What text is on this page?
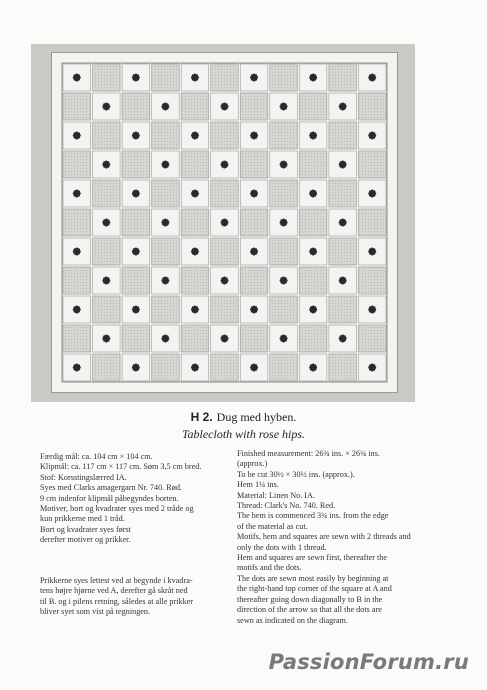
H 2. Dug med hyben.
Tablecloth with rose hips.
Færdig mål: ca. 104 cm × 104 cm.
Klipmål: ca. 117 cm × 117 cm. Søm 3,5 cm bred.
Stof: Korsstingslærred IA.
Syes med Clarks amagergarn Nr. 740. Rød.
9 cm indenfor klipmål påbegyndes borten.
Motiver, bort og kvadrater syes med 2 tråde og
kun prikkerne med 1 tråd.
Bort og kvadrater syes først
derefter motiver og prikker.
Prikkerne syes lettest ved at begynde i kvadra-
tens højre hjørne ved A, derefter gå skråt ned
til B. og i pilens retning, således at alle prikker
bliver syet som vist på tegningen.
Finished measurement: 26¾ ins. × 26¾ ins.
(approx.)
To be cut 30½ × 30½ ins. (approx.).
Hem 1¼ ins.
Material: Linen No. IA.
Thread: Clark's No. 740. Red.
The hem is commenced 3¾ ins. from the edge
of the material as cut.
Motifs, hem and squares are sewn with 2 threads and
only the dots with 1 thread.
Hem and squares are sewn first, thereafter the
motifs and the dots.
The dots are sewn most easily by beginning at
the right-hand top corner of the square at A and
thereafter going down diagonally to B in the
direction of the arrow so that all the dots are
sewn as indicated on the diagram.
PassionForum.ru
